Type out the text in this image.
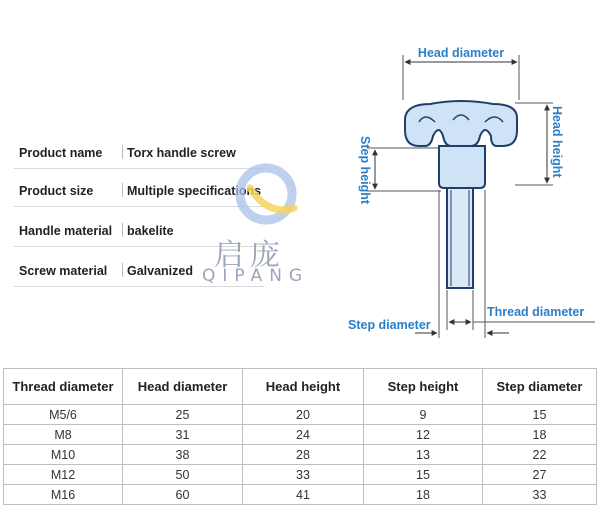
Product name Torx handle screw
Product size	Multiple specifications
Handle material bakelite
Screw material Galvanized 启庞
QIPANG
Head diameter
Head height
Step height
Step diameter
Thread diameter
Thread diameter	Head diameter	Head height	Step height	Step diameter
M5/6	25	20	9	15
M8	31	24	12	18
M10	38	28	13	22
M12	50	33	15	27
M16	60	41	18	33
